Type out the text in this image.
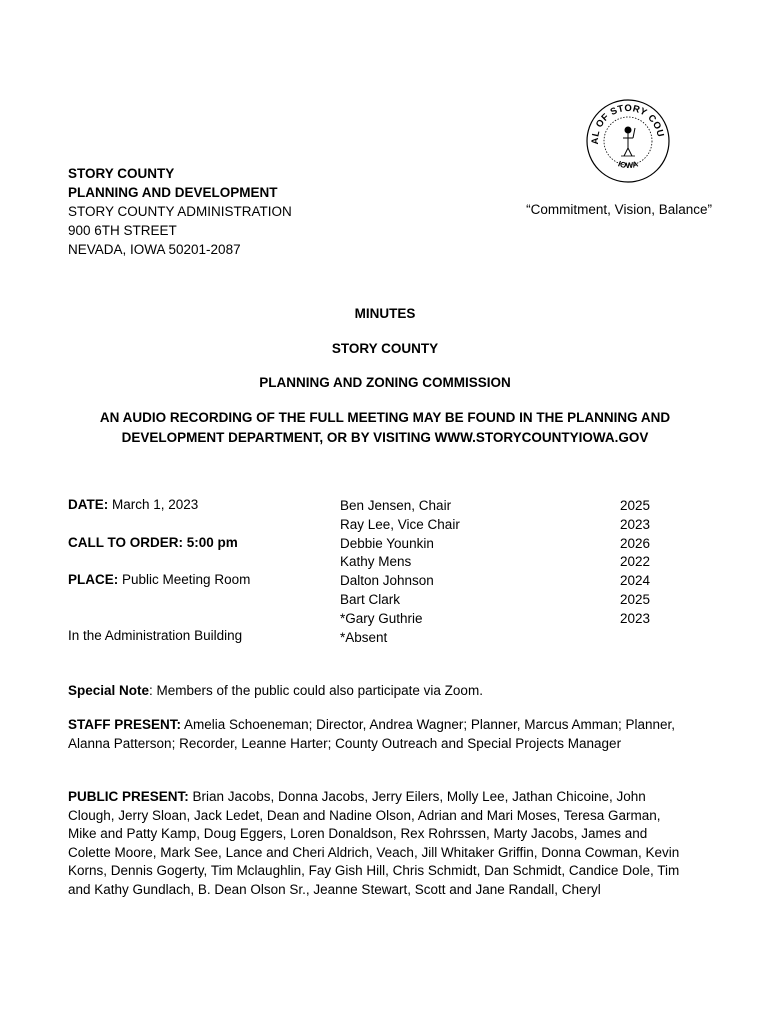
AL OF STORY COU
IOWA
STORY COUNTY
PLANNING AND DEVELOPMENT
STORY COUNTY ADMINISTRATION
900 6TH STREET
NEVADA, IOWA 50201-2087
“Commitment, Vision, Balance”
MINUTES
STORY COUNTY
PLANNING AND ZONING COMMISSION
AN AUDIO RECORDING OF THE FULL MEETING MAY BE FOUND IN THE PLANNING AND DEVELOPMENT DEPARTMENT, OR BY VISITING WWW.STORYCOUNTYIOWA.GOV
DATE: March 1, 2023
CALL TO ORDER: 5:00 pm
PLACE: Public Meeting Room
In the Administration Building
Ben Jensen, Chair	2025
Ray Lee, Vice Chair	2023
Debbie Younkin	2026
Kathy Mens	2022
Dalton Johnson	2024
Bart Clark	2025
*Gary Guthrie	2023
*Absent
Special Note: Members of the public could also participate via Zoom.
STAFF PRESENT: Amelia Schoeneman; Director, Andrea Wagner; Planner, Marcus Amman; Planner, Alanna Patterson; Recorder, Leanne Harter; County Outreach and Special Projects Manager
PUBLIC PRESENT: Brian Jacobs, Donna Jacobs, Jerry Eilers, Molly Lee, Jathan Chicoine, John Clough, Jerry Sloan, Jack Ledet, Dean and Nadine Olson, Adrian and Mari Moses, Teresa Garman, Mike and Patty Kamp, Doug Eggers, Loren Donaldson, Rex Rohrssen, Marty Jacobs, James and Colette Moore, Mark See, Lance and Cheri Aldrich, Veach, Jill Whitaker Griffin, Donna Cowman, Kevin Korns, Dennis Gogerty, Tim Mclaughlin, Fay Gish Hill, Chris Schmidt, Dan Schmidt, Candice Dole, Tim and Kathy Gundlach, B. Dean Olson Sr., Jeanne Stewart, Scott and Jane Randall, Cheryl
